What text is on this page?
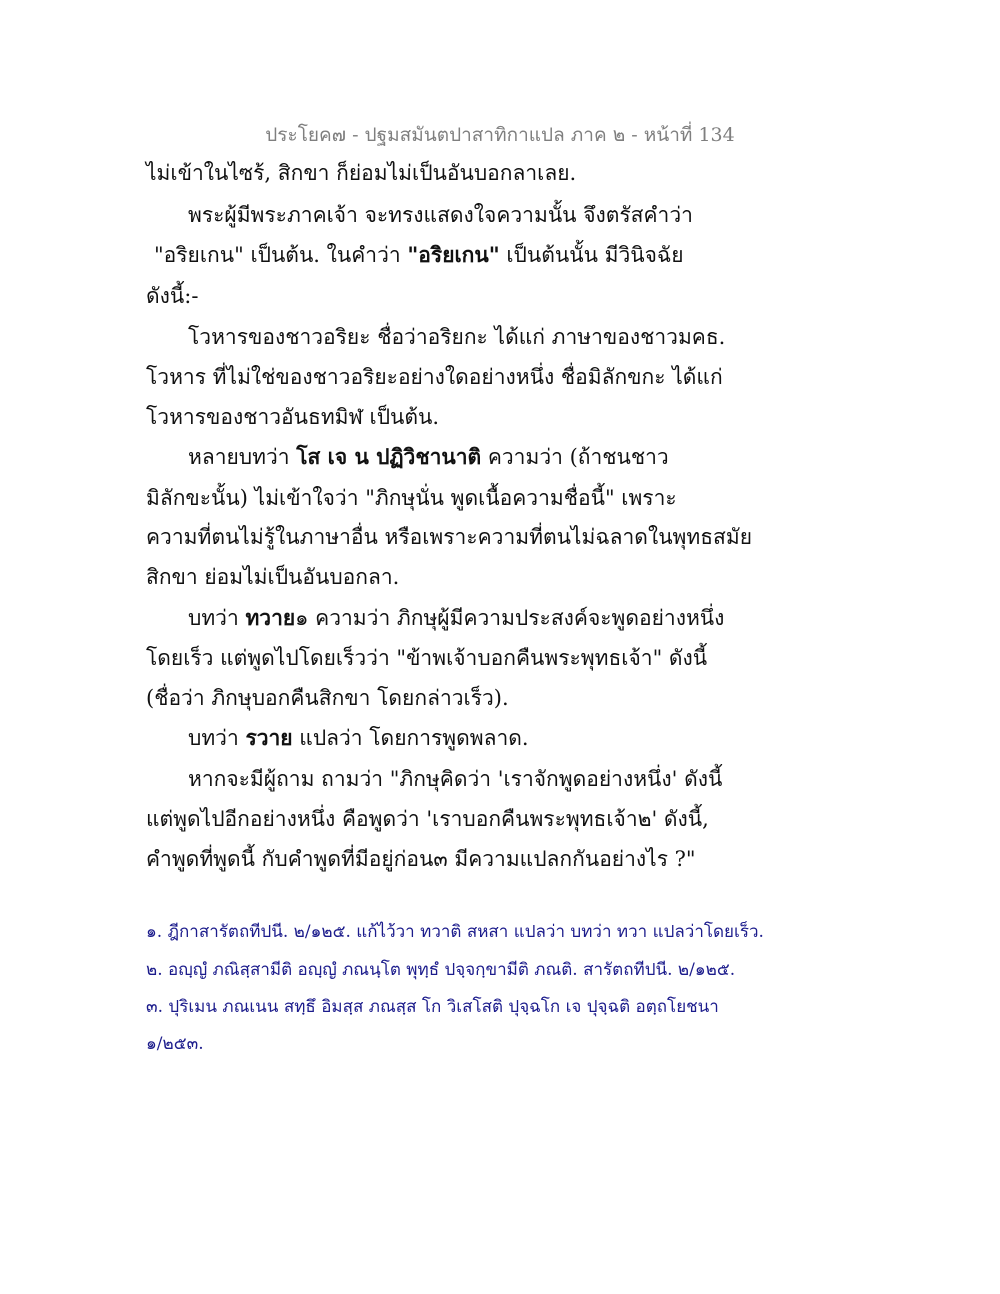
ประโยค๗ - ปฐมสมันตปาสาทิกาแปล ภาค ๒ - หน้าที่ 134
ไม่เข้าในไซร้, สิกขา ก็ย่อมไม่เป็นอันบอกลาเลย.
พระผู้มีพระภาคเจ้า จะทรงแสดงใจความนั้น จึงตรัสคำว่า
"อริยเกน" เป็นต้น. ในคำว่า "อริยเกน" เป็นต้นนั้น มีวินิจฉัย
ดังนี้:-
โวหารของชาวอริยะ ชื่อว่าอริยกะ ได้แก่ ภาษาของชาวมคธ.
โวหาร ที่ไม่ใช่ของชาวอริยะอย่างใดอย่างหนึ่ง ชื่อมิลักขกะ ได้แก่
โวหารของชาวอันธทมิฬ เป็นต้น.
หลายบทว่า โส เจ น ปฏิวิชานาติ ความว่า (ถ้าชนชาว
มิลักขะนั้น) ไม่เข้าใจว่า "ภิกษุนั่น พูดเนื้อความชื่อนี้" เพราะ
ความที่ตนไม่รู้ในภาษาอื่น หรือเพราะความที่ตนไม่ฉลาดในพุทธสมัย
สิกขา ย่อมไม่เป็นอันบอกลา.
บทว่า ทวาย๑ ความว่า ภิกษุผู้มีความประสงค์จะพูดอย่างหนึ่ง
โดยเร็ว แต่พูดไปโดยเร็วว่า "ข้าพเจ้าบอกคืนพระพุทธเจ้า" ดังนี้
(ชื่อว่า ภิกษุบอกคืนสิกขา โดยกล่าวเร็ว).
บทว่า รวาย แปลว่า โดยการพูดพลาด.
หากจะมีผู้ถาม ถามว่า "ภิกษุคิดว่า 'เราจักพูดอย่างหนึ่ง' ดังนี้
แต่พูดไปอีกอย่างหนึ่ง คือพูดว่า 'เราบอกคืนพระพุทธเจ้า๒' ดังนี้,
คำพูดที่พูดนี้ กับคำพูดที่มีอยู่ก่อน๓ มีความแปลกกันอย่างไร ?"
๑. ฎีกาสารัตถทีปนี. ๒/๑๒๕. แก้ไว้วา ทวาติ สหสา แปลว่า บทว่า ทวา แปลว่าโดยเร็ว.
๒. อญฺญํ ภณิสฺสามีติ อญฺญํ ภณนฺโต พุทฺธํ ปจฺจกฺขามีติ ภณติ. สารัตถทีปนี. ๒/๑๒๕.
๓. ปุริเมน ภณเนน สทฺธึ อิมสฺส ภณสฺส โก วิเสโสติ ปุจฺฉโก เจ ปุจฺฉติ อตฺถโยชนา
๑/๒๕๓.
